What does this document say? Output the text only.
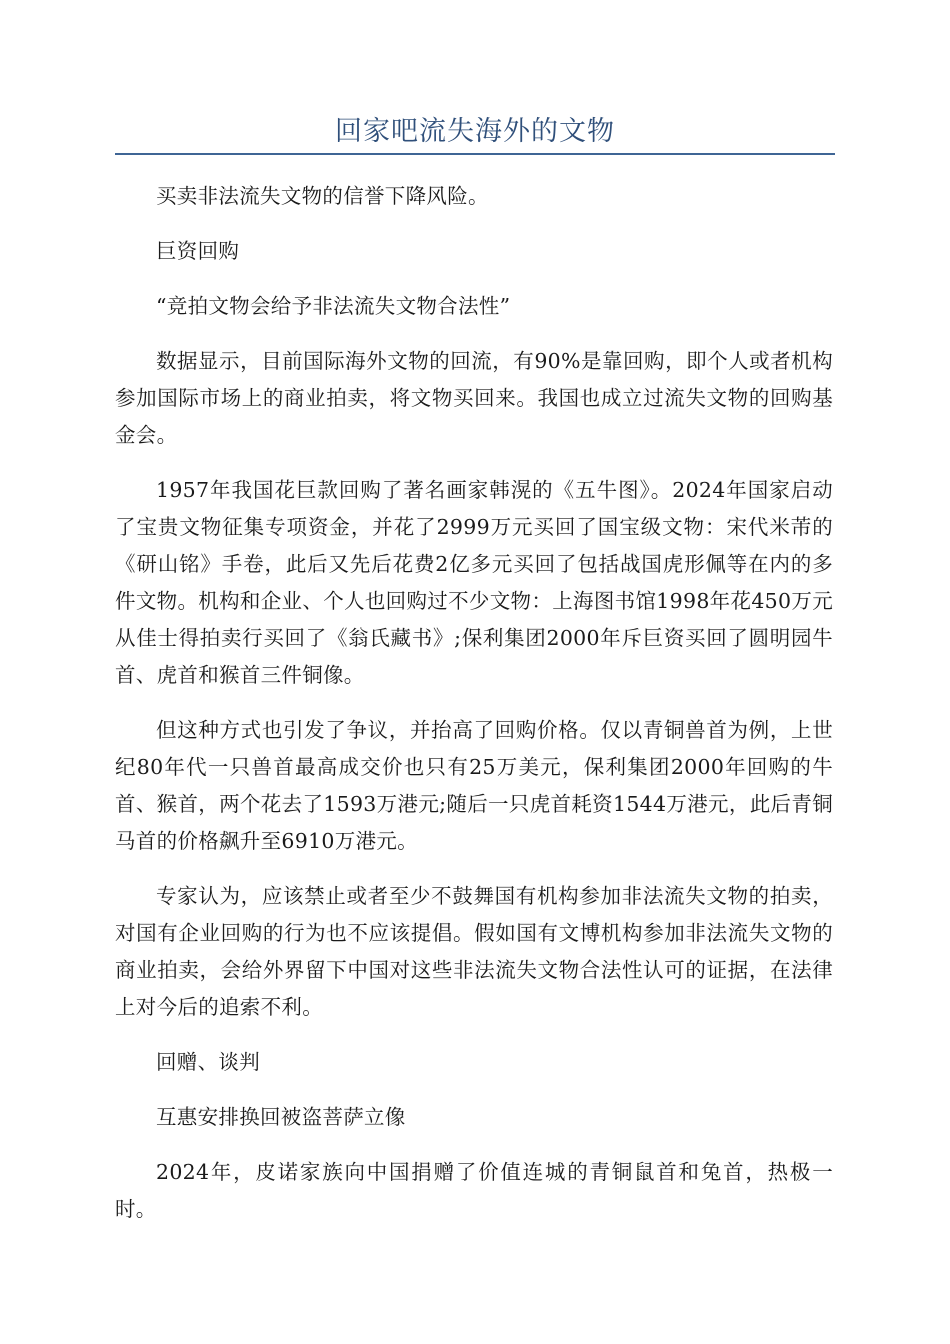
回家吧流失海外的文物

买卖非法流失文物的信誉下降风险。

巨资回购

“竞拍文物会给予非法流失文物合法性”

数据显示，目前国际海外文物的回流，有90%是靠回购，即个人或者机构参加国际市场上的商业拍卖，将文物买回来。我国也成立过流失文物的回购基金会。

1957年我国花巨款回购了著名画家韩滉的《五牛图》。2024年国家启动了宝贵文物征集专项资金，并花了2999万元买回了国宝级文物：宋代米芾的《研山铭》手卷，此后又先后花费2亿多元买回了包括战国虎形佩等在内的多件文物。机构和企业、个人也回购过不少文物：上海图书馆1998年花450万元从佳士得拍卖行买回了《翁氏藏书》;保利集团2000年斥巨资买回了圆明园牛首、虎首和猴首三件铜像。

但这种方式也引发了争议，并抬高了回购价格。仅以青铜兽首为例，上世纪80年代一只兽首最高成交价也只有25万美元，保利集团2000年回购的牛首、猴首，两个花去了1593万港元;随后一只虎首耗资1544万港元，此后青铜马首的价格飙升至6910万港元。

专家认为，应该禁止或者至少不鼓舞国有机构参加非法流失文物的拍卖，对国有企业回购的行为也不应该提倡。假如国有文博机构参加非法流失文物的商业拍卖，会给外界留下中国对这些非法流失文物合法性认可的证据，在法律上对今后的追索不利。

回赠、谈判

互惠安排换回被盗菩萨立像

2024年，皮诺家族向中国捐赠了价值连城的青铜鼠首和兔首，热极一时。
